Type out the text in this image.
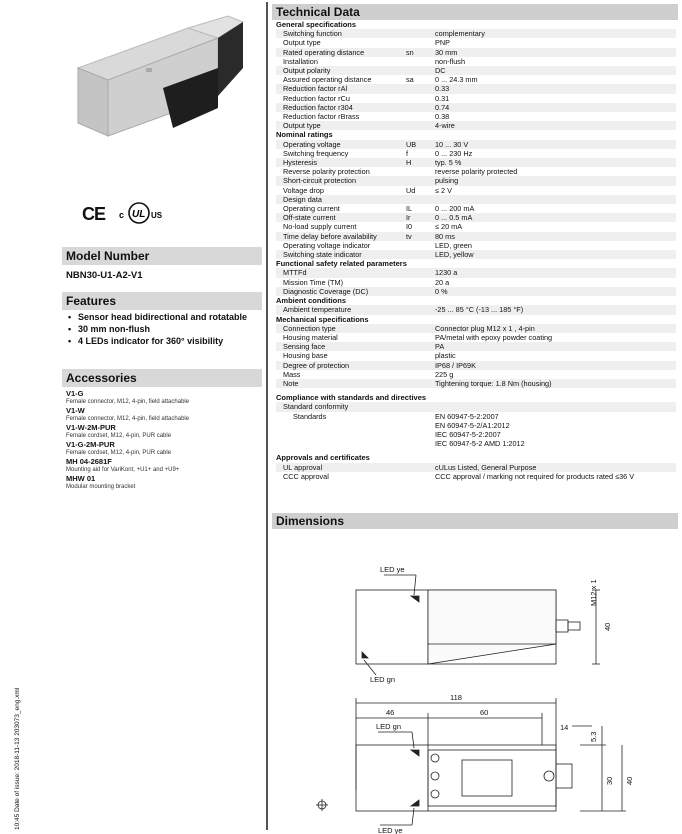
CE c UL US
Model Number
NBN30-U1-A2-V1
Features
• Sensor head bidirectional and rotatable
• 30 mm non-flush
• 4 LEDs indicator for 360° visibility
Accessories
V1-G
Female connector, M12, 4-pin, field attachable
V1-W
Female connector, M12, 4-pin, field attachable
V1-W-2M-PUR
Female cordset, M12, 4-pin, PUR cable
V1-G-2M-PUR
Female cordset, M12, 4-pin, PUR cable
MH 04-2681F
Mounting aid for VariKont, +U1+ and +U9+
MHW 01
Modular mounting bracket
10:45 Date of issue: 2018-11-13 203073_eng.xml
Technical Data
General specifications
Switching function	complementary
Output type	PNP
Rated operating distance	sn	30 mm
Installation	non-flush
Output polarity	DC
Assured operating distance	sa	0 ... 24.3 mm
Reduction factor rAl	0.33
Reduction factor rCu	0.31
Reduction factor r304	0.74
Reduction factor rBrass	0.38
Output type	4-wire
Nominal ratings
Operating voltage	UB	10 ... 30 V
Switching frequency	f	0 ... 230 Hz
Hysteresis	H	typ. 5 %
Reverse polarity protection	reverse polarity protected
Short-circuit protection	pulsing
Voltage drop	Ud	≤ 2 V
Design data
Operating current	IL	0 ... 200 mA
Off-state current	Ir	0 ... 0.5 mA
No-load supply current	I0	≤ 20 mA
Time delay before availability	tv	80 ms
Operating voltage indicator	LED, green
Switching state indicator	LED, yellow
Functional safety related parameters
MTTFd	1230 a
Mission Time (TM)	20 a
Diagnostic Coverage (DC)	0 %
Ambient conditions
Ambient temperature	-25 ... 85 °C (-13 ... 185 °F)
Mechanical specifications
Connection type	Connector plug M12 x 1 , 4-pin
Housing material	PA/metal with epoxy powder coating
Sensing face	PA
Housing base	plastic
Degree of protection	IP68 / IP69K
Mass	225 g
Note	Tightening torque: 1.8 Nm (housing)
Compliance with standards and directives
Standard conformity
Standards	EN 60947-5-2:2007
EN 60947-5-2/A1:2012
IEC 60947-5-2:2007
IEC 60947-5-2 AMD 1:2012
Approvals and certificates
UL approval	cULus Listed, General Purpose
CCC approval	CCC approval / marking not required for products rated ≤36 V
Dimensions
LED ye
LED gn
M12 x 1
40
118
46	60
14
5.3
30 40
LED gn
LED ye
